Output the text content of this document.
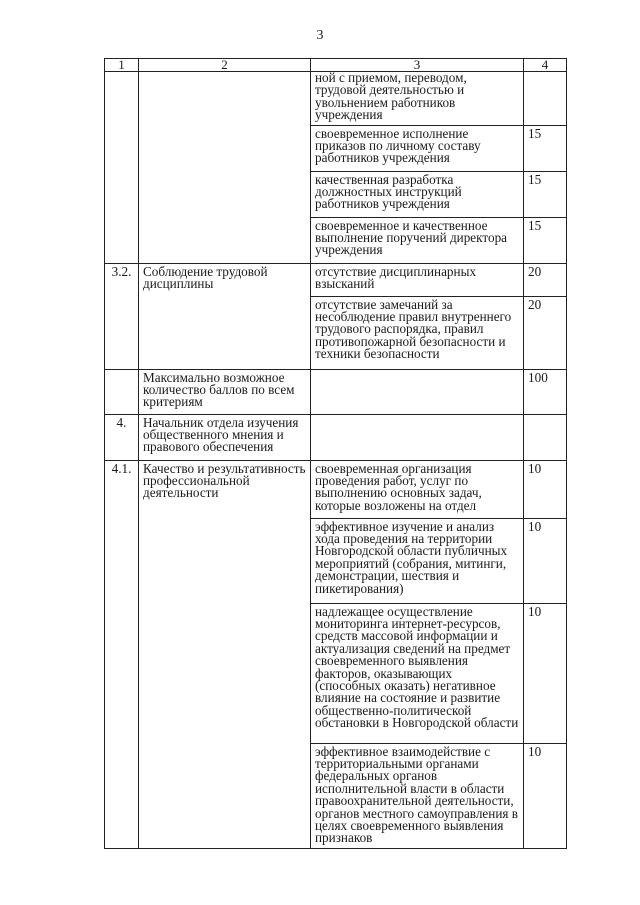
3
1	2	3	4
		ной с приемом, переводом, трудовой деятельностью и увольнением работников учреждения	
		своевременное исполнение приказов по личному составу работников учреждения	15
		качественная разработка должностных инструкций работников учреждения	15
		своевременное и качественное выполнение поручений директора учреждения	15
3.2.	Соблюдение трудовой дисциплины	отсутствие дисциплинарных взысканий	20
		отсутствие замечаний за несоблюдение правил внутреннего трудового распорядка, правил противопожарной безопасности и техники безопасности	20
	Максимально возможное количество баллов по всем критериям		100
4.	Начальник отдела изучения общественного мнения и правового обеспечения		
4.1.	Качество и результативность профессиональной деятельности	своевременная организация проведения работ, услуг по выполнению основных задач, которые возложены на отдел	10
		эффективное изучение и анализ хода проведения на территории Новгородской области публичных мероприятий (собрания, митинги, демонстрации, шествия и пикетирования)	10
		надлежащее осуществление мониторинга интернет-ресурсов, средств массовой информации и актуализация сведений на предмет своевременного выявления факторов, оказывающих (способных оказать) негативное влияние на состояние и развитие общественно-политической обстановки в Новгородской области	10
		эффективное взаимодействие с территориальными органами федеральных органов исполнительной власти в области правоохранительной деятельности, органов местного самоуправления в целях своевременного выявления признаков	10
